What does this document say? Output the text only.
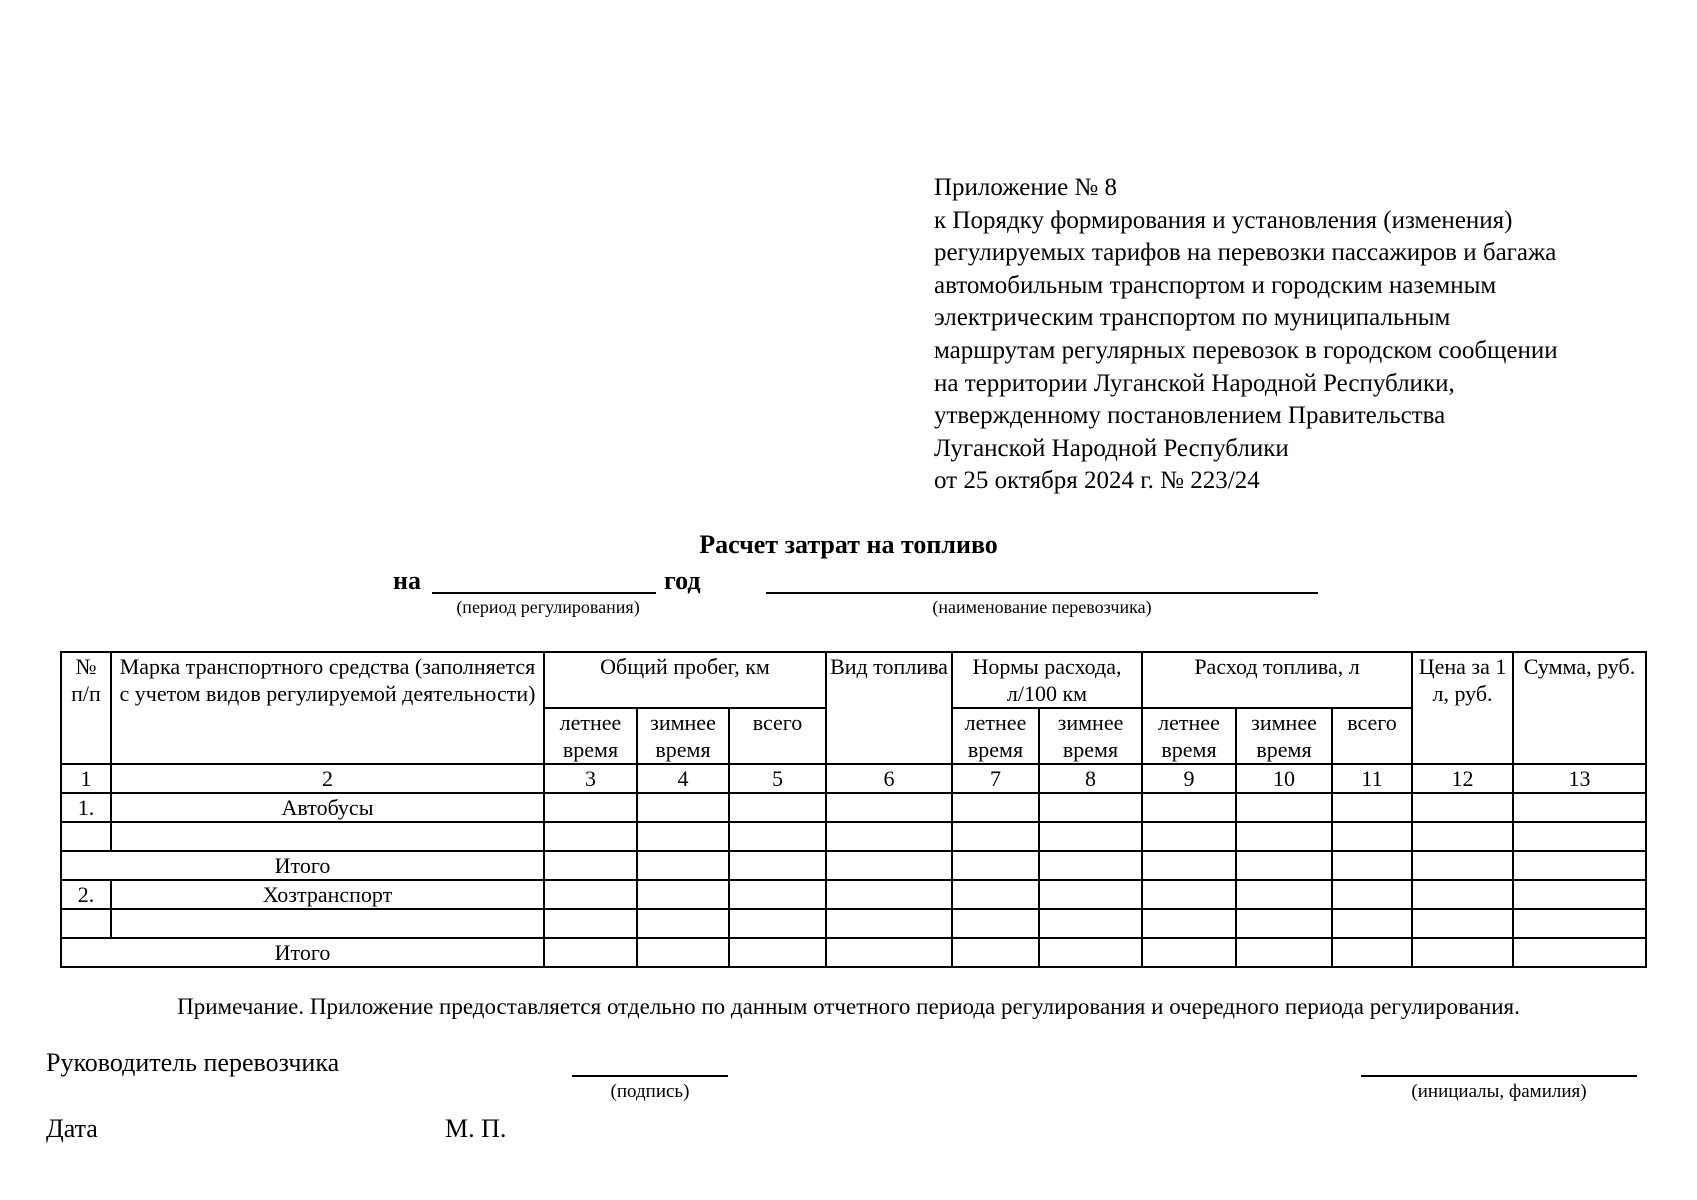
Приложение № 8
к Порядку формирования и установления (изменения)
регулируемых тарифов на перевозки пассажиров и багажа
автомобильным транспортом и городским наземным
электрическим транспортом по муниципальным
маршрутам регулярных перевозок в городском сообщении
на территории Луганской Народной Республики,
утвержденному постановлением Правительства
Луганской Народной Республики
от 25 октября 2024 г. № 223/24
Расчет затрат на топливо
на	год
(период регулирования)	(наименование перевозчика)
№ п/п	Марка транспортного средства (заполняется с учетом видов регулируемой деятельности)	Общий пробег, км			Вид топлива	Нормы расхода, л/100 км		Расход топлива, л			Цена за 1 л, руб.	Сумма, руб.
		летнее время	зимнее время	всего		летнее время	зимнее время	летнее время	зимнее время	всего		
1	2	3	4	5	6	7	8	9	10	11	12	13
1.	Автобусы											

Итого												
2.	Хозтранспорт											

Итого												
Примечание. Приложение предоставляется отдельно по данным отчетного периода регулирования и очередного периода регулирования.
Руководитель перевозчика
(подпись)	(инициалы, фамилия)
Дата	М. П.
